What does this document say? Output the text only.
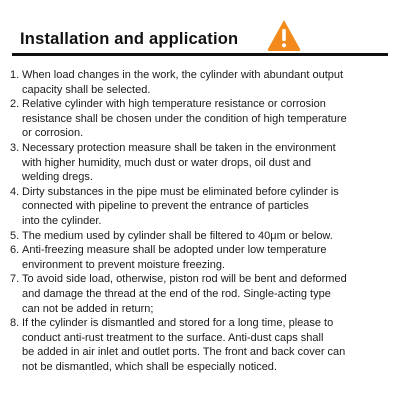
Installation and application
1. When load changes in the work, the cylinder with abundant output
capacity shall be selected.
2. Relative cylinder with high temperature resistance or corrosion
resistance shall be chosen under the condition of high temperature
or corrosion.
3. Necessary protection measure shall be taken in the environment
with higher humidity, much dust or water drops, oil dust and
welding dregs.
4. Dirty substances in the pipe must be eliminated before cylinder is
connected with pipeline to prevent the entrance of particles
into the cylinder.
5. The medium used by cylinder shall be filtered to 40μm or below.
6. Anti-freezing measure shall be adopted under low temperature
environment to prevent moisture freezing.
7. To avoid side load, otherwise, piston rod will be bent and deformed
and damage the thread at the end of the rod. Single-acting type
can not be added in return;
8. If the cylinder is dismantled and stored for a long time, please to
conduct anti-rust treatment to the surface. Anti-dust caps shall
be added in air inlet and outlet ports. The front and back cover can
not be dismantled, which shall be especially noticed.
